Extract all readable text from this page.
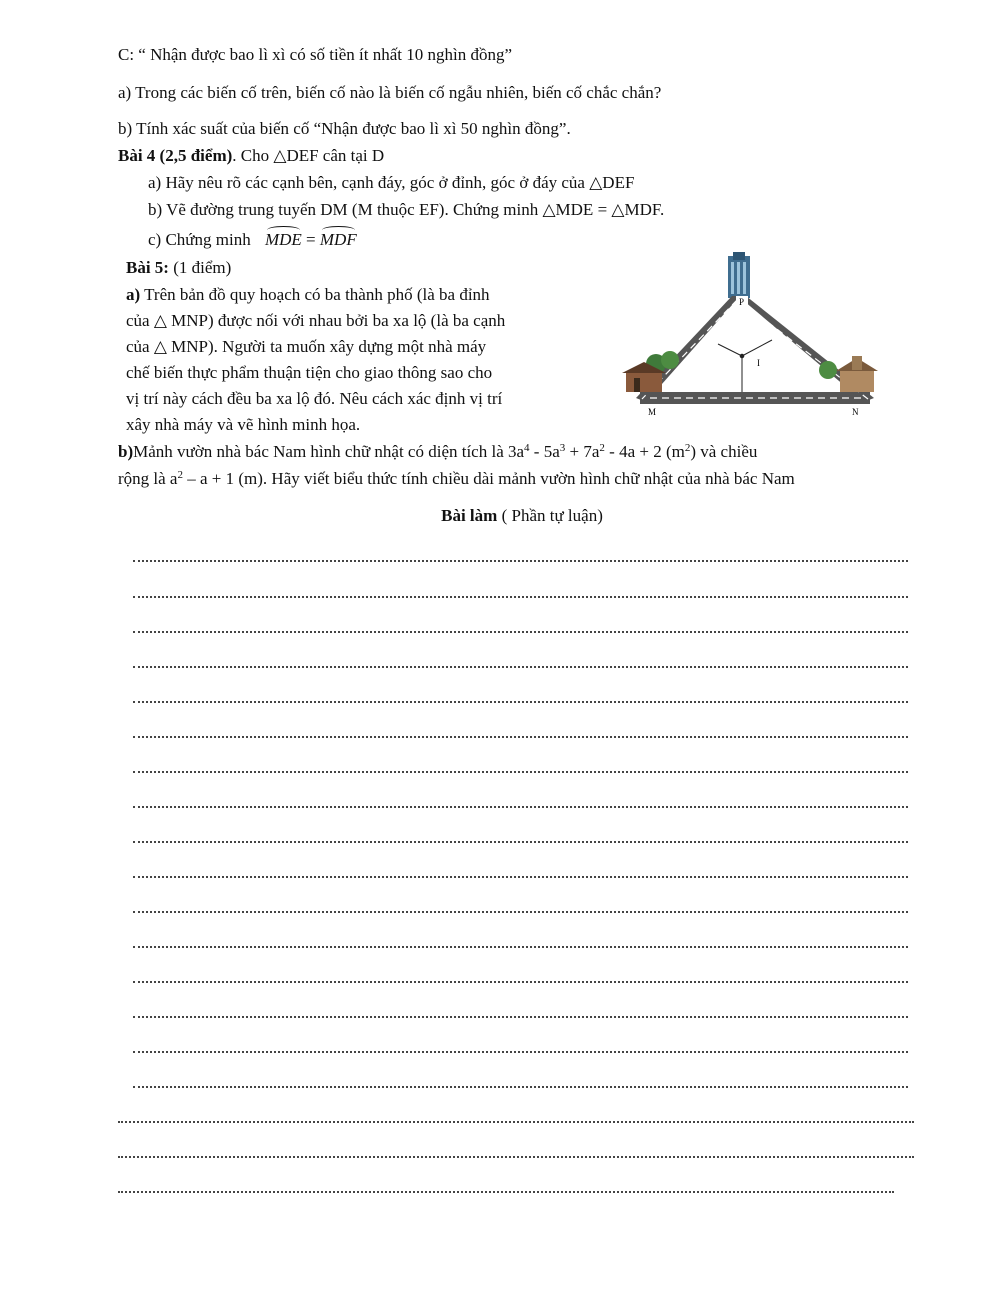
C: “ Nhận được bao lì xì có số tiền ít nhất 10 nghìn đồng”
a) Trong các biến cố trên, biến cố nào là biến cố ngẫu nhiên, biến cố chắc chắn?
b) Tính xác suất của biến cố “Nhận được bao lì xì 50 nghìn đồng”.
Bài 4 (2,5 điểm). Cho △DEF cân tại D
a) Hãy nêu rõ các cạnh bên, cạnh đáy, góc ở đỉnh, góc ở đáy của △DEF
b) Vẽ đường trung tuyến DM (M thuộc EF). Chứng minh △MDE = △MDF.
c) Chứng minh MDE = MDF
Bài 5: (1 điểm)
a) Trên bản đồ quy hoạch có ba thành phố (là ba đỉnh
của △ MNP) được nối với nhau bởi ba xa lộ (là ba cạnh
của △ MNP). Người ta muốn xây dựng một nhà máy
chế biến thực phẩm thuận tiện cho giao thông sao cho
vị trí này cách đều ba xa lộ đó. Nêu cách xác định vị trí
xây nhà máy và vẽ hình minh họa.
P
M	N
I
b)Mảnh vườn nhà bác Nam hình chữ nhật có diện tích là $3a^4 - 5a^3 + 7a^2 - 4a + 2$ $(m^2)$ và chiều
rộng là $a^2 - a + 1$ (m). Hãy viết biểu thức tính chiều dài mảnh vườn hình chữ nhật của nhà bác Nam
Bài làm ( Phần tự luận)
